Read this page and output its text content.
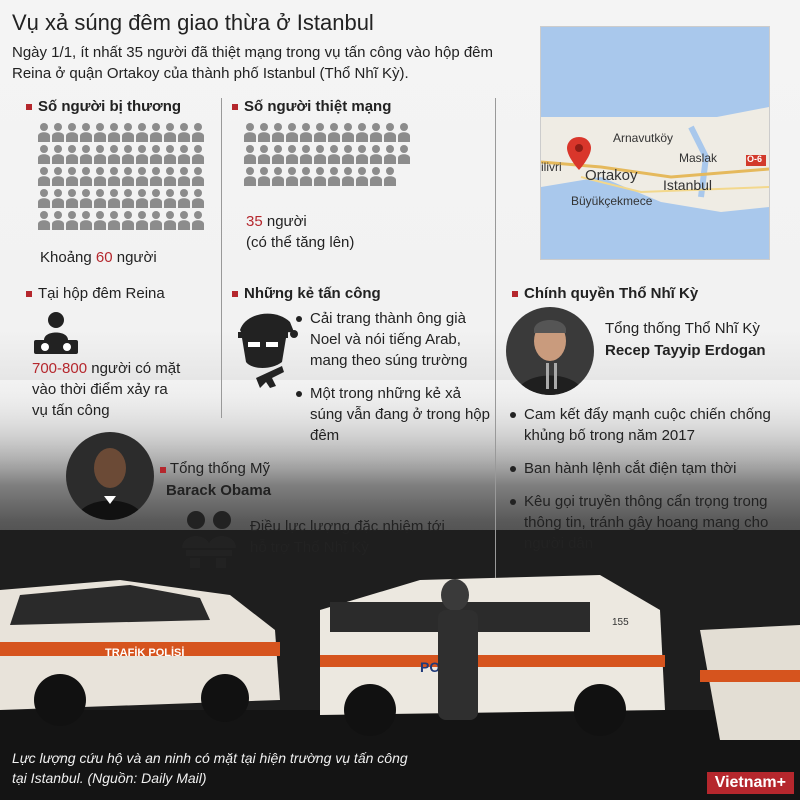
Vụ xả súng đêm giao thừa ở Istanbul
Ngày 1/1, ít nhất 35 người đã thiệt mạng trong vụ tấn công vào hộp đêm Reina ở quận Ortakoy của thành phố Istanbul (Thổ Nhĩ Kỳ).
Số người bị thương
Khoảng 60 người
Số người thiệt mạng
35 người
(có thể tăng lên)
Arnavutköy
Maslak
ilivri Ortakoy
Istanbul
Büyükçekmece
O-6
Tại hộp đêm Reina
700-800 người có mặt
vào thời điểm xảy ra
vụ tấn công
Những kẻ tấn công
Cải trang thành ông già Noel và nói tiếng Arab, mang theo súng trường
Một trong những kẻ xả súng vẫn đang ở trong hộp đêm
Tổng thống Mỹ
Barack Obama
Điều lực lượng đặc nhiệm tới hỗ trợ Thổ Nhĩ Kỳ
Chính quyền Thổ Nhĩ Kỳ
Tổng thống Thổ Nhĩ Kỳ
Recep Tayyip Erdogan
Cam kết đẩy mạnh cuộc chiến chống khủng bố trong năm 2017
Ban hành lệnh cắt điện tạm thời
Kêu gọi truyền thông cẩn trọng trong thông tin, tránh gây hoang mang cho người dân
Lực lượng cứu hộ và an ninh có mặt tại hiện trường vụ tấn công tại Istanbul. (Nguồn: Daily Mail)	Vietnam+
